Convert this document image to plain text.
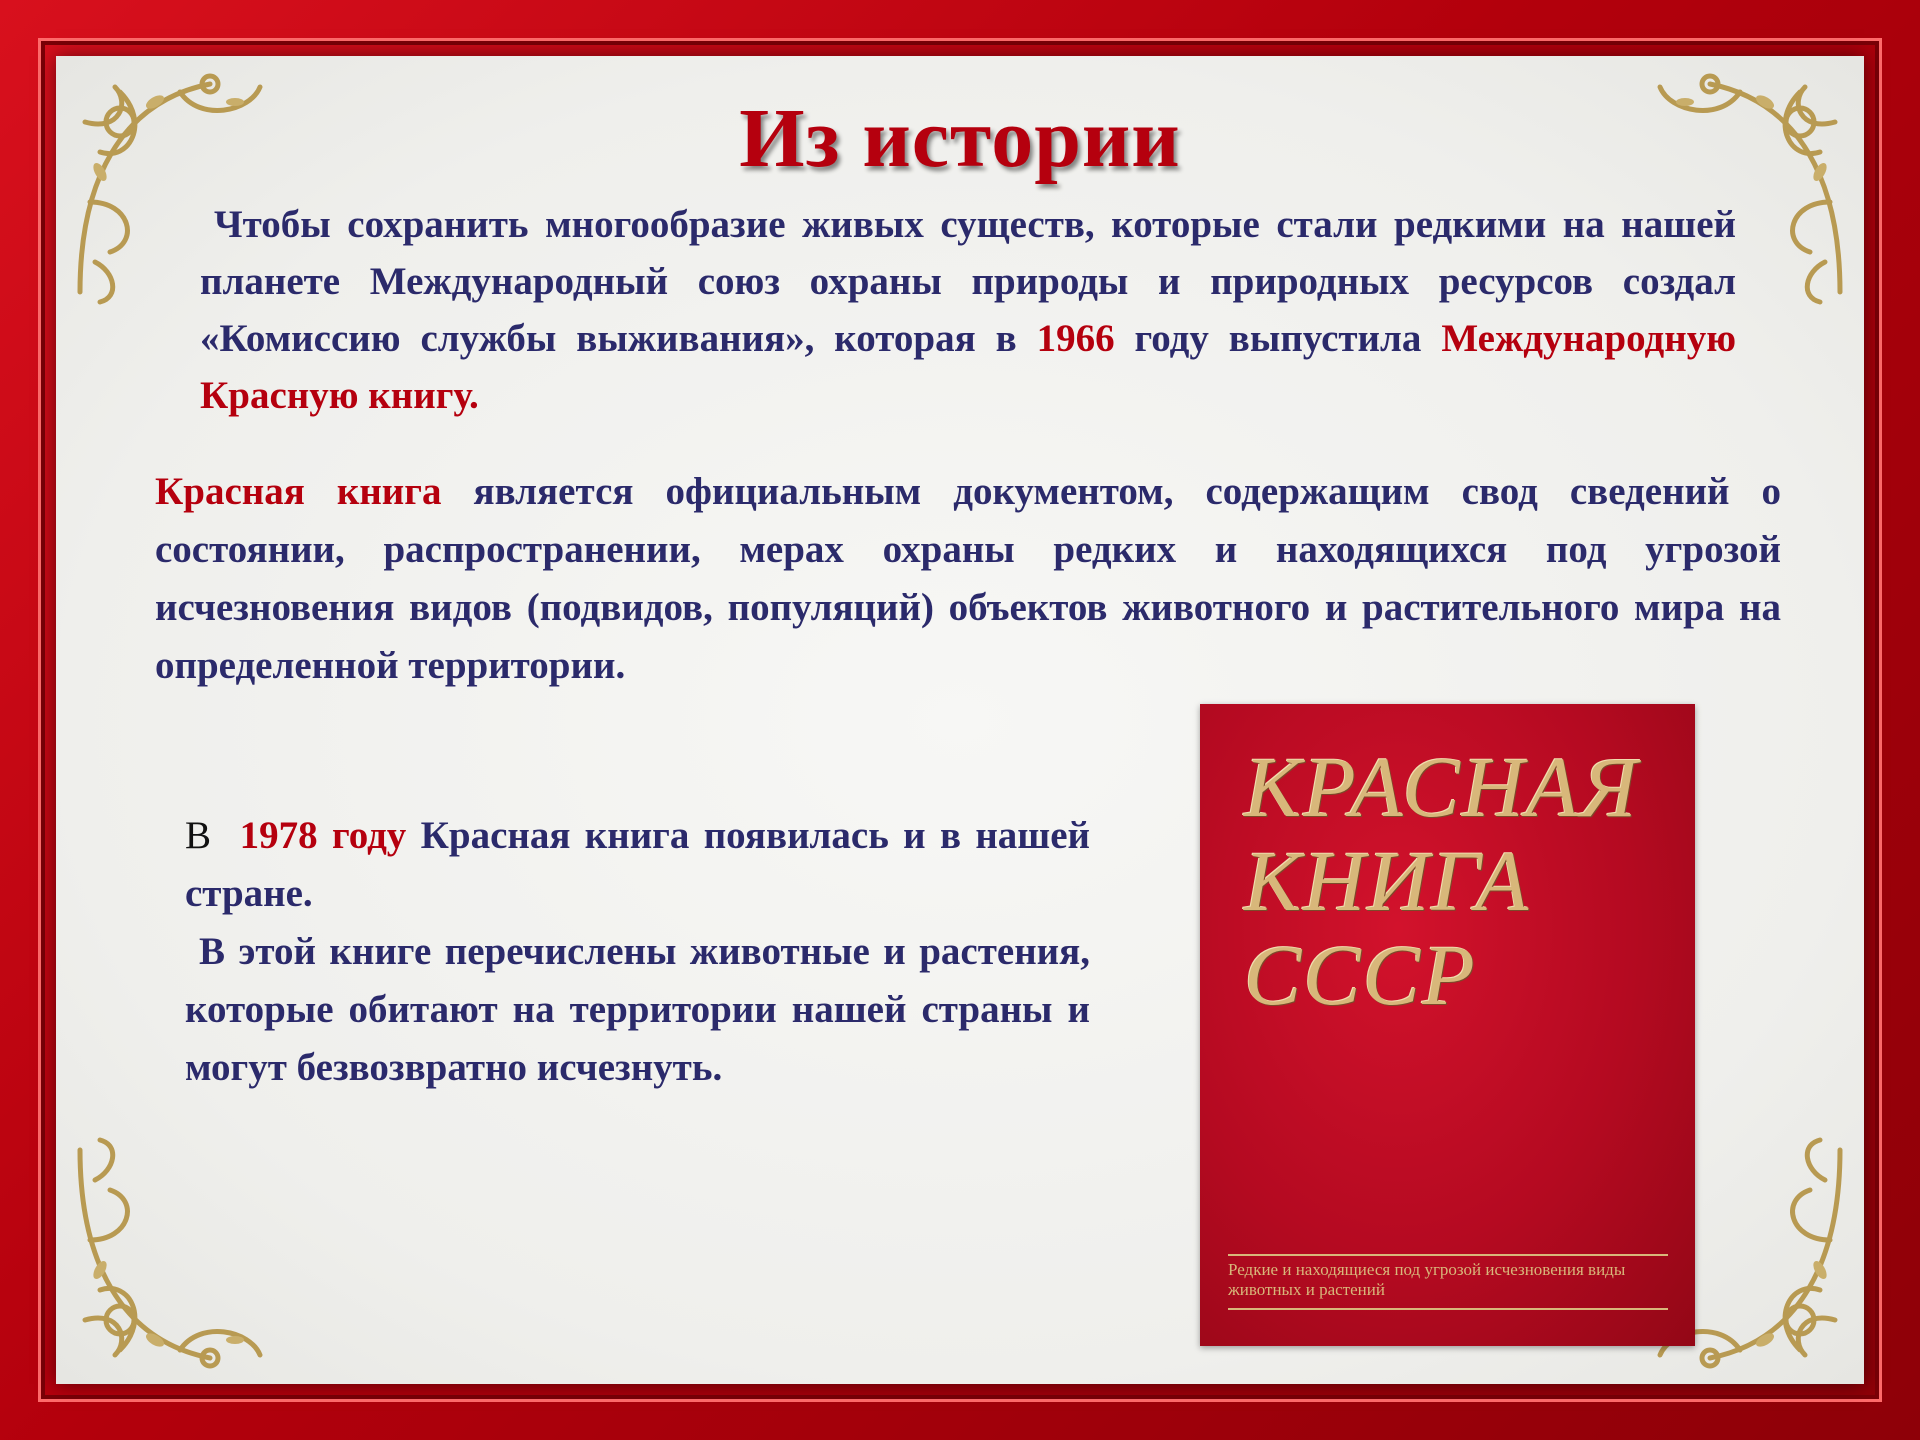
Из истории
Чтобы сохранить многообразие живых существ, которые стали редкими на нашей планете Международный союз охраны природы и природных ресурсов создал «Комиссию службы выживания», которая в 1966 году выпустила Международную Красную книгу.
Красная книга является официальным документом, содержащим свод сведений о состоянии, распространении, мерах охраны редких и находящихся под угрозой исчезновения видов (подвидов, популяций) объектов животного и растительного мира на определенной территории.
В 1978 году Красная книга появилась и в нашей стране.
В этой книге перечислены животные и растения, которые обитают на территории нашей страны и могут безвозвратно исчезнуть.
КРАСНАЯ
КНИГА
СССР
Редкие и находящиеся под угрозой исчезновения виды животных и растений
